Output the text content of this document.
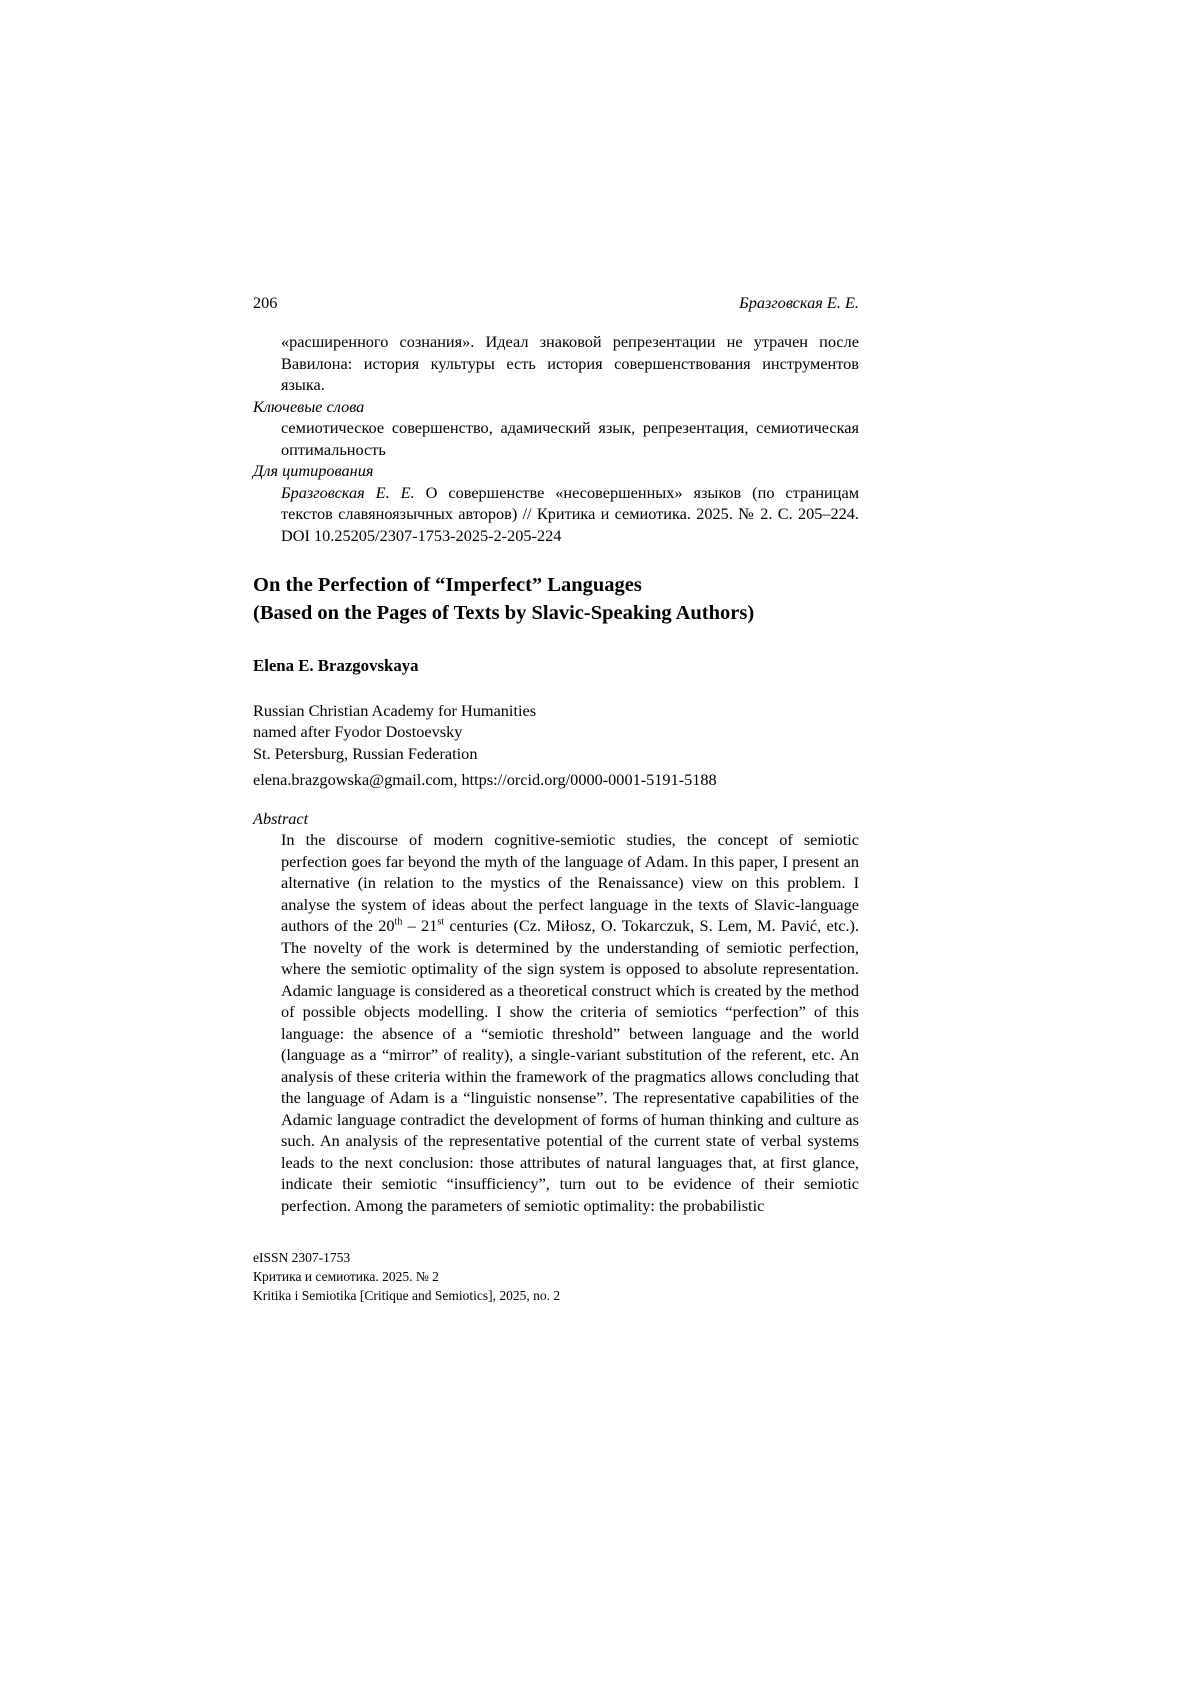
206	Бразговская Е. Е.

«расширенного сознания». Идеал знаковой репрезентации не утрачен после Вавилона: история культуры есть история совершенствования инструментов языка.

Ключевые слова

семиотическое совершенство, адамический язык, репрезентация, семиотическая оптимальность

Для цитирования

Бразговская Е. Е. О совершенстве «несовершенных» языков (по страницам текстов славяноязычных авторов) // Критика и семиотика. 2025. № 2. С. 205–224. DOI 10.25205/2307-1753-2025-2-205-224

On the Perfection of “Imperfect” Languages
(Based on the Pages of Texts by Slavic-Speaking Authors)

Elena E. Brazgovskaya

Russian Christian Academy for Humanities
named after Fyodor Dostoevsky
St. Petersburg, Russian Federation

elena.brazgowska@gmail.com, https://orcid.org/0000-0001-5191-5188

Abstract

In the discourse of modern cognitive-semiotic studies, the concept of semiotic perfection goes far beyond the myth of the language of Adam. In this paper, I present an alternative (in relation to the mystics of the Renaissance) view on this problem. I analyse the system of ideas about the perfect language in the texts of Slavic-language authors of the 20th – 21st centuries (Cz. Miłosz, O. Tokarczuk, S. Lem, M. Pavić, etc.). The novelty of the work is determined by the understanding of semiotic perfection, where the semiotic optimality of the sign system is opposed to absolute representation. Adamic language is considered as a theoretical construct which is created by the method of possible objects modelling. I show the criteria of semiotics “perfection” of this language: the absence of a “semiotic threshold” between language and the world (language as a “mirror” of reality), a single-variant substitution of the referent, etc. An analysis of these criteria within the framework of the pragmatics allows concluding that the language of Adam is a “linguistic nonsense”. The representative capabilities of the Adamic language contradict the development of forms of human thinking and culture as such. An analysis of the representative potential of the current state of verbal systems leads to the next conclusion: those attributes of natural languages that, at first glance, indicate their semiotic “insufficiency”, turn out to be evidence of their semiotic perfection. Among the parameters of semiotic optimality: the probabilistic

eISSN 2307-1753
Критика и семиотика. 2025. № 2
Kritika i Semiotika [Critique and Semiotics], 2025, no. 2
